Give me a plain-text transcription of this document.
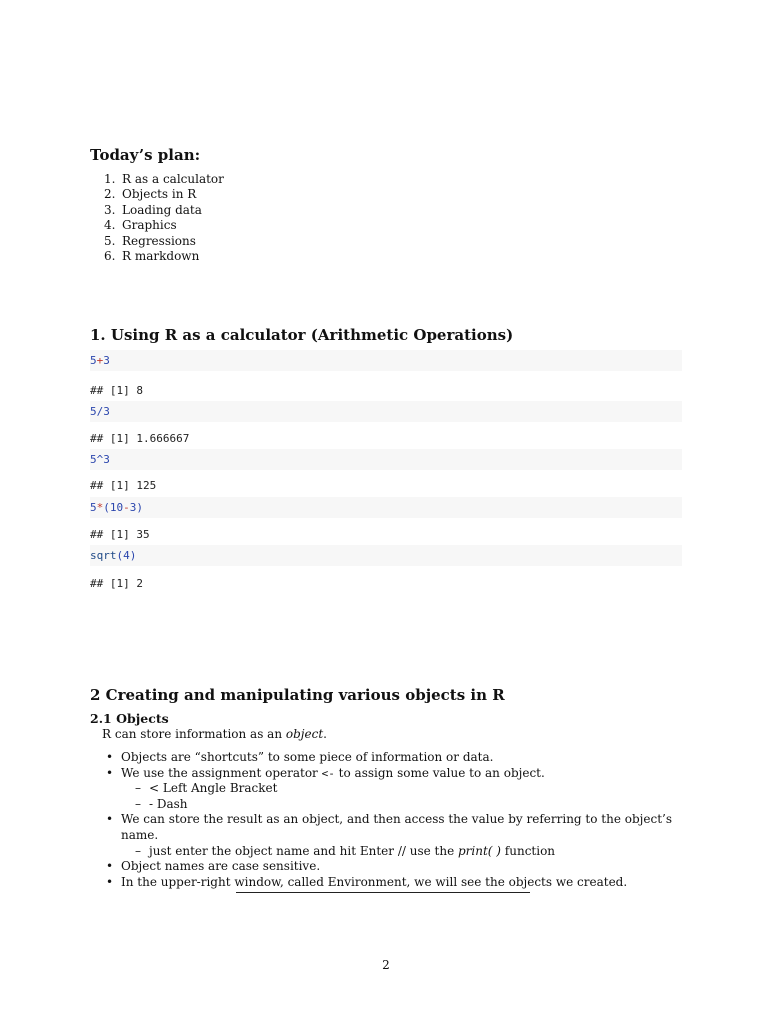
Today’s plan:
1. R as a calculator
2. Objects in R
3. Loading data
4. Graphics
5. Regressions
6. R markdown
1. Using R as a calculator (Arithmetic Operations)
5+3
## [1] 8
5/3
## [1] 1.666667
5^3
## [1] 125
5*(10-3)
## [1] 35
sqrt(4)
## [1] 2
2 Creating and manipulating various objects in R
2.1 Objects

R can store information as an object.

• Objects are “shortcuts” to some piece of information or data.
• We use the assignment operator <- to assign some value to an object.
– < Left Angle Bracket
– - Dash
• We can store the result as an object, and then access the value by referring to the object’s name.
– just enter the object name and hit Enter // use the print( ) function
• Object names are case sensitive.
• In the upper-right window, called Environment, we will see the objects we created.
2
